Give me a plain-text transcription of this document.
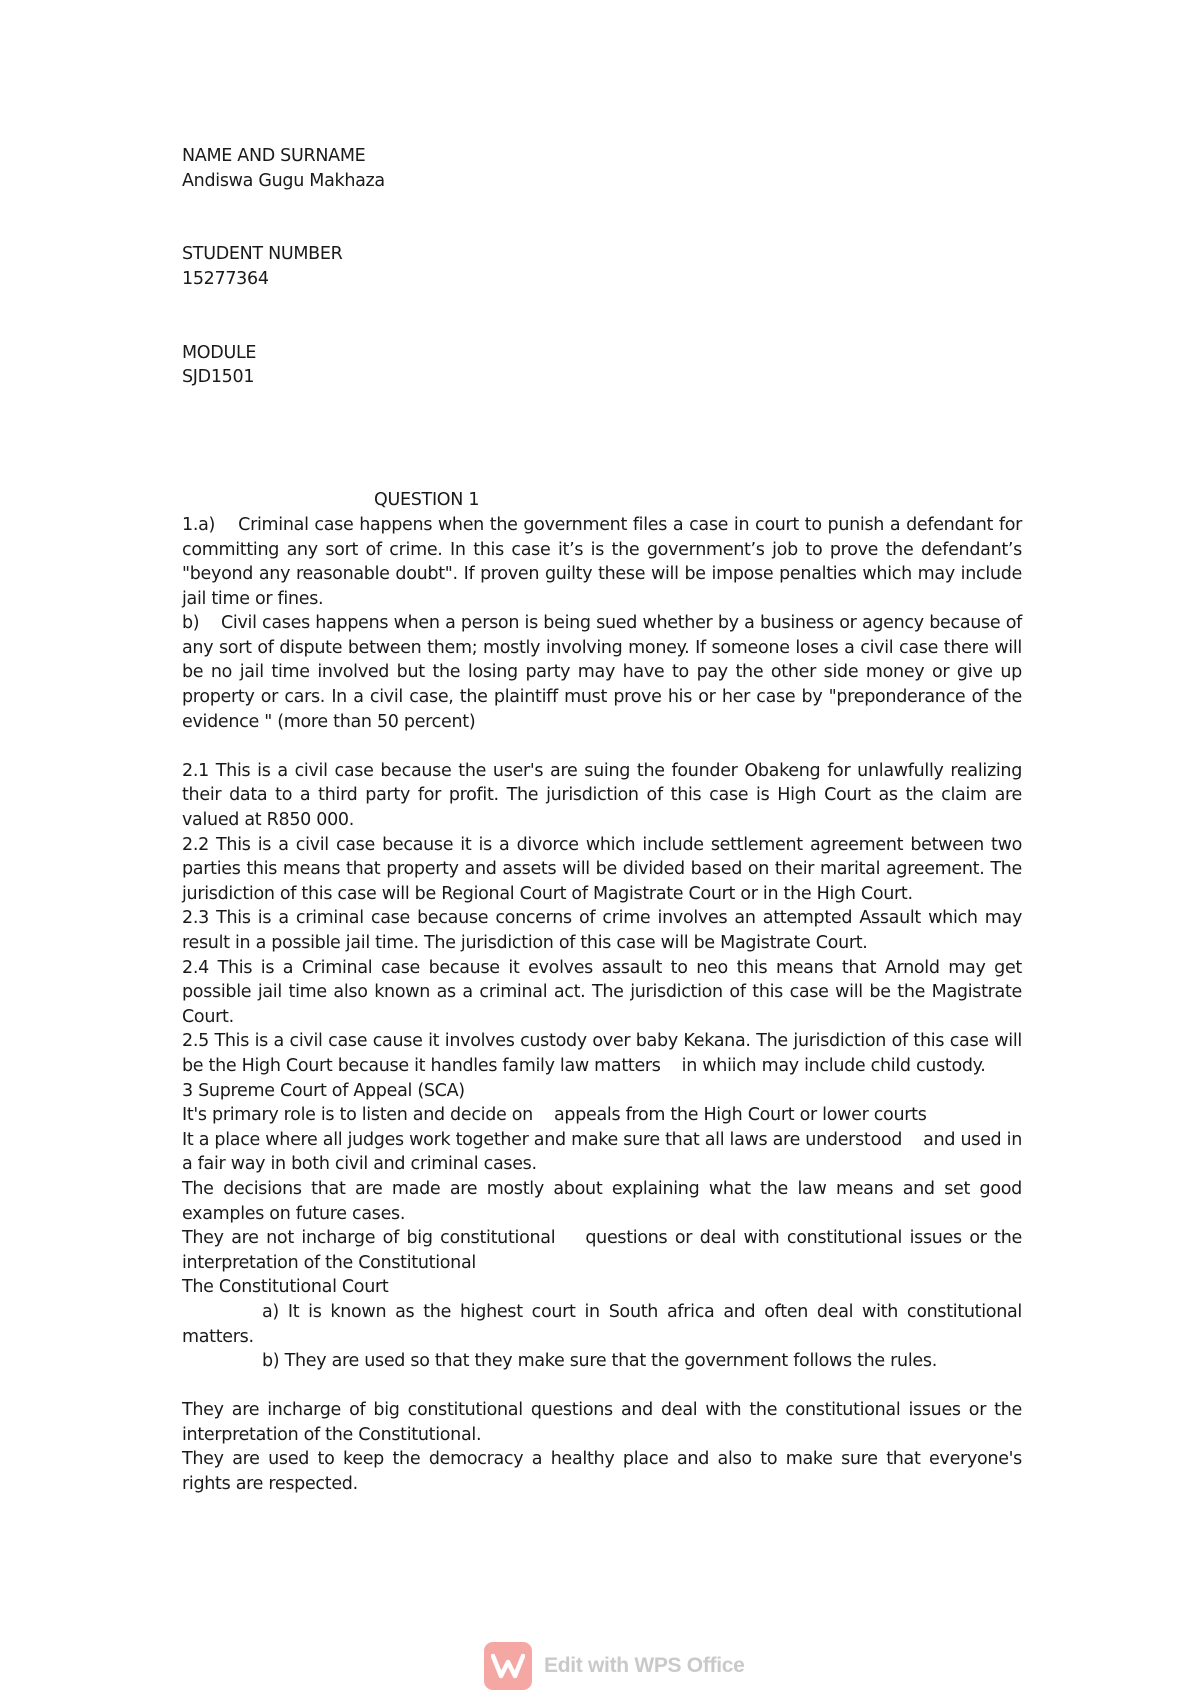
NAME AND SURNAME

Andiswa Gugu Makhaza

STUDENT NUMBER

15277364

MODULE

SJD1501

QUESTION 1

1.a)    Criminal case happens when the government files a case in court to punish a defendant for committing any sort of crime. In this case it’s is the government’s job to prove the defendant’s "beyond any reasonable doubt". If proven guilty these will be impose penalties which may include jail time or fines.

b)    Civil cases happens when a person is being sued whether by a business or agency because of any sort of dispute between them; mostly involving money. If someone loses a civil case there will be no jail time involved but the losing party may have to pay the other side money or give up property or cars. In a civil case, the plaintiff must prove his or her case by "preponderance of the evidence " (more than 50 percent)

2.1 This is a civil case because the user's are suing the founder Obakeng for unlawfully realizing their data to a third party for profit. The jurisdiction of this case is High Court as the claim are valued at R850 000.

2.2 This is a civil case because it is a divorce which include settlement agreement between two parties this means that property and assets will be divided based on their marital agreement. The jurisdiction of this case will be Regional Court of Magistrate Court or in the High Court.

2.3 This is a criminal case because concerns of crime involves an attempted Assault which may result in a possible jail time. The jurisdiction of this case will be Magistrate Court.

2.4 This is a Criminal case because it evolves assault to neo this means that Arnold may get possible jail time also known as a criminal act. The jurisdiction of this case will be the Magistrate Court.

2.5 This is a civil case cause it involves custody over baby Kekana. The jurisdiction of this case will be the High Court because it handles family law matters    in whiich may include child custody.

3 Supreme Court of Appeal (SCA)

It's primary role is to listen and decide on    appeals from the High Court or lower courts

It a place where all judges work together and make sure that all laws are understood    and used in a fair way in both civil and criminal cases.

The decisions that are made are mostly about explaining what the law means and set good examples on future cases.

They are not incharge of big constitutional    questions or deal with constitutional issues or the interpretation of the Constitutional

The Constitutional Court

a) It is known as the highest court in South africa and often deal with constitutional matters.

b) They are used so that they make sure that the government follows the rules.

They are incharge of big constitutional questions and deal with the constitutional issues or the interpretation of the Constitutional.

They are used to keep the democracy a healthy place and also to make sure that everyone's rights are respected.

Edit with WPS Office
